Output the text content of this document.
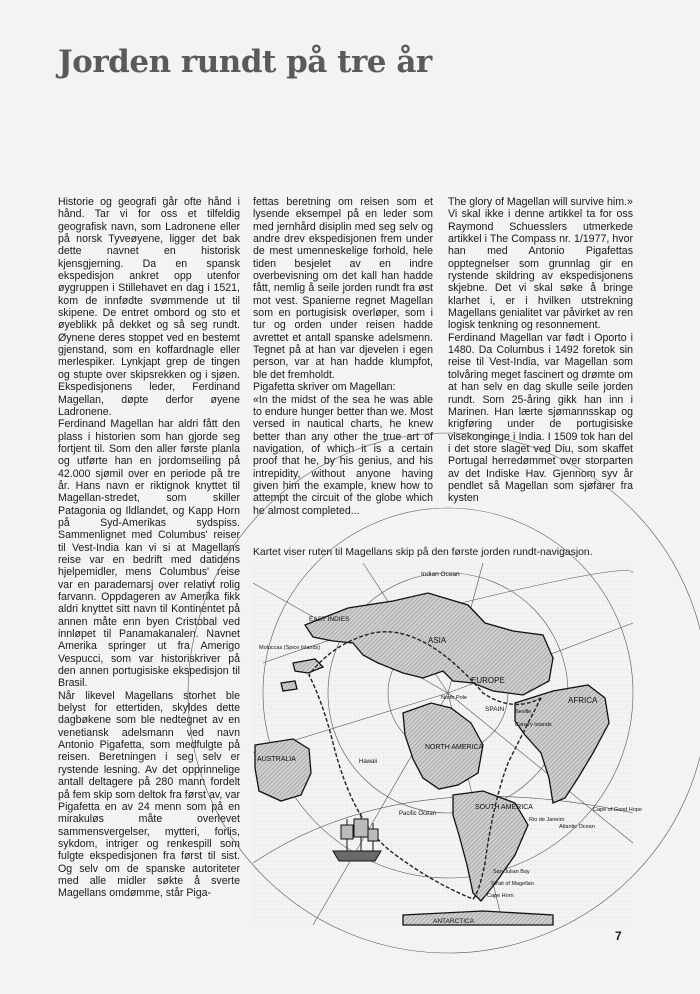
Jorden rundt på tre år

Historie og geografi går ofte hånd i hånd. Tar vi for oss et tilfeldig geografisk navn, som Ladronene eller på norsk Tyveøyene, ligger det bak dette navnet en historisk kjensgjerning. Da en spansk ekspedisjon ankret opp utenfor øygruppen i Stillehavet en dag i 1521, kom de innfødte svømmende ut til skipene. De entret ombord og sto et øyeblikk på dekket og så seg rundt. Øynene deres stoppet ved en bestemt gjenstand, som en koffardnagle eller merlespiker. Lynkjapt grep de tingen og stupte over skipsrekken og i sjøen. Ekspedisjonens leder, Ferdinand Magellan, døpte derfor øyene Ladronene.

Ferdinand Magellan har aldri fått den plass i historien som han gjorde seg fortjent til. Som den aller første planla og utførte han en jordomseiling på 42.000 sjømil over en periode på tre år. Hans navn er riktignok knyttet til Magellan-stredet, som skiller Patagonia og Ildlandet, og Kapp Horn på Syd-Amerikas sydspiss. Sammenlignet med Columbus' reiser til Vest-India kan vi si at Magellans reise var en bedrift med datidens hjelpemidler, mens Columbus' reise var en parademarsj over relativt rolig farvann. Oppdageren av Amerika fikk aldri knyttet sitt navn til Kontinentet på annen måte enn byen Cristobal ved innløpet til Panamakanalen. Navnet Amerika springer ut fra Amerigo Vespucci, som var historiskriver på den annen portugisiske ekspedisjon til Brasil.

Når likevel Magellans storhet ble belyst for ettertiden, skyldes dette dagbøkene som ble nedtegnet av en venetiansk adelsmann ved navn Antonio Pigafetta, som medfulgte på reisen. Beretningen i seg selv er rystende lesning. Av det opprinnelige antall deltagere på 280 mann fordelt på fem skip som deltok fra først av, var Pigafetta en av 24 menn som på en mirakuløs måte overlevet sammensvergelser, mytteri, forlis, sykdom, intriger og renkespill som fulgte ekspedisjonen fra først til sist. Og selv om de spanske autoriteter med alle midler søkte å sverte Magellans omdømme, står Piga-

fettas beretning om reisen som et lysende eksempel på en leder som med jernhård disiplin med seg selv og andre drev ekspedisjonen frem under de mest umenneskelige forhold, hele tiden besjelet av en indre overbevisning om det kall han hadde fått, nemlig å seile jorden rundt fra øst mot vest. Spanierne regnet Magellan som en portugisisk overløper, som i tur og orden under reisen hadde avrettet et antall spanske adelsmenn. Tegnet på at han var djevelen i egen person, var at han hadde klumpfot, ble det fremholdt.

Pigafetta skriver om Magellan:

«In the midst of the sea he was able to endure hunger better than we. Most versed in nautical charts, he knew better than any other the true art of navigation, of which it is a certain proof that he, by his genius, and his intrepidity, without anyone having given him the example, knew how to attempt the circuit of the globe which he almost completed...

The glory of Magellan will survive him.»

Vi skal ikke i denne artikkel ta for oss Raymond Schuesslers utmerkede artikkel i The Compass nr. 1/1977, hvor han med Antonio Pigafettas opptegnelser som grunnlag gir en rystende skildring av ekspedisjonens skjebne. Det vi skal søke å bringe klarhet i, er i hvilken utstrekning Magellans genialitet var påvirket av ren logisk tenkning og resonnement.

Ferdinand Magellan var født i Oporto i 1480. Da Columbus i 1492 foretok sin reise til Vest-India, var Magellan som tolvåring meget fascinert og drømte om at han selv en dag skulle seile jorden rundt. Som 25-åring gikk han inn i Marinen. Han lærte sjømannsskap og krigføring under de portugisiske visekonginge i India. I 1509 tok han del i det store slaget ved Diu, som skaffet Portugal herredømmet over storparten av det Indiske Hav. Gjennom syv år pendlet så Magellan som sjøfarer fra kysten

Kartet viser ruten til Magellans skip på den første jorden rundt-navigasjon.
Indian Ocean
EAST INDIES
Moluccas (Spice Islands)
ASIA
EUROPE
North Pole
SPAIN Seville
Canary Islands
AFRICA
AUSTRALIA	Hawaii
NORTH AMERICA
Pacific Ocean
SOUTH AMERICA
Atlantic Ocean
Rio de Janeiro
Cape of Good Hope
San Julian Bay
Strait of Magellan
Cape Horn
ANTARCTICA
7
